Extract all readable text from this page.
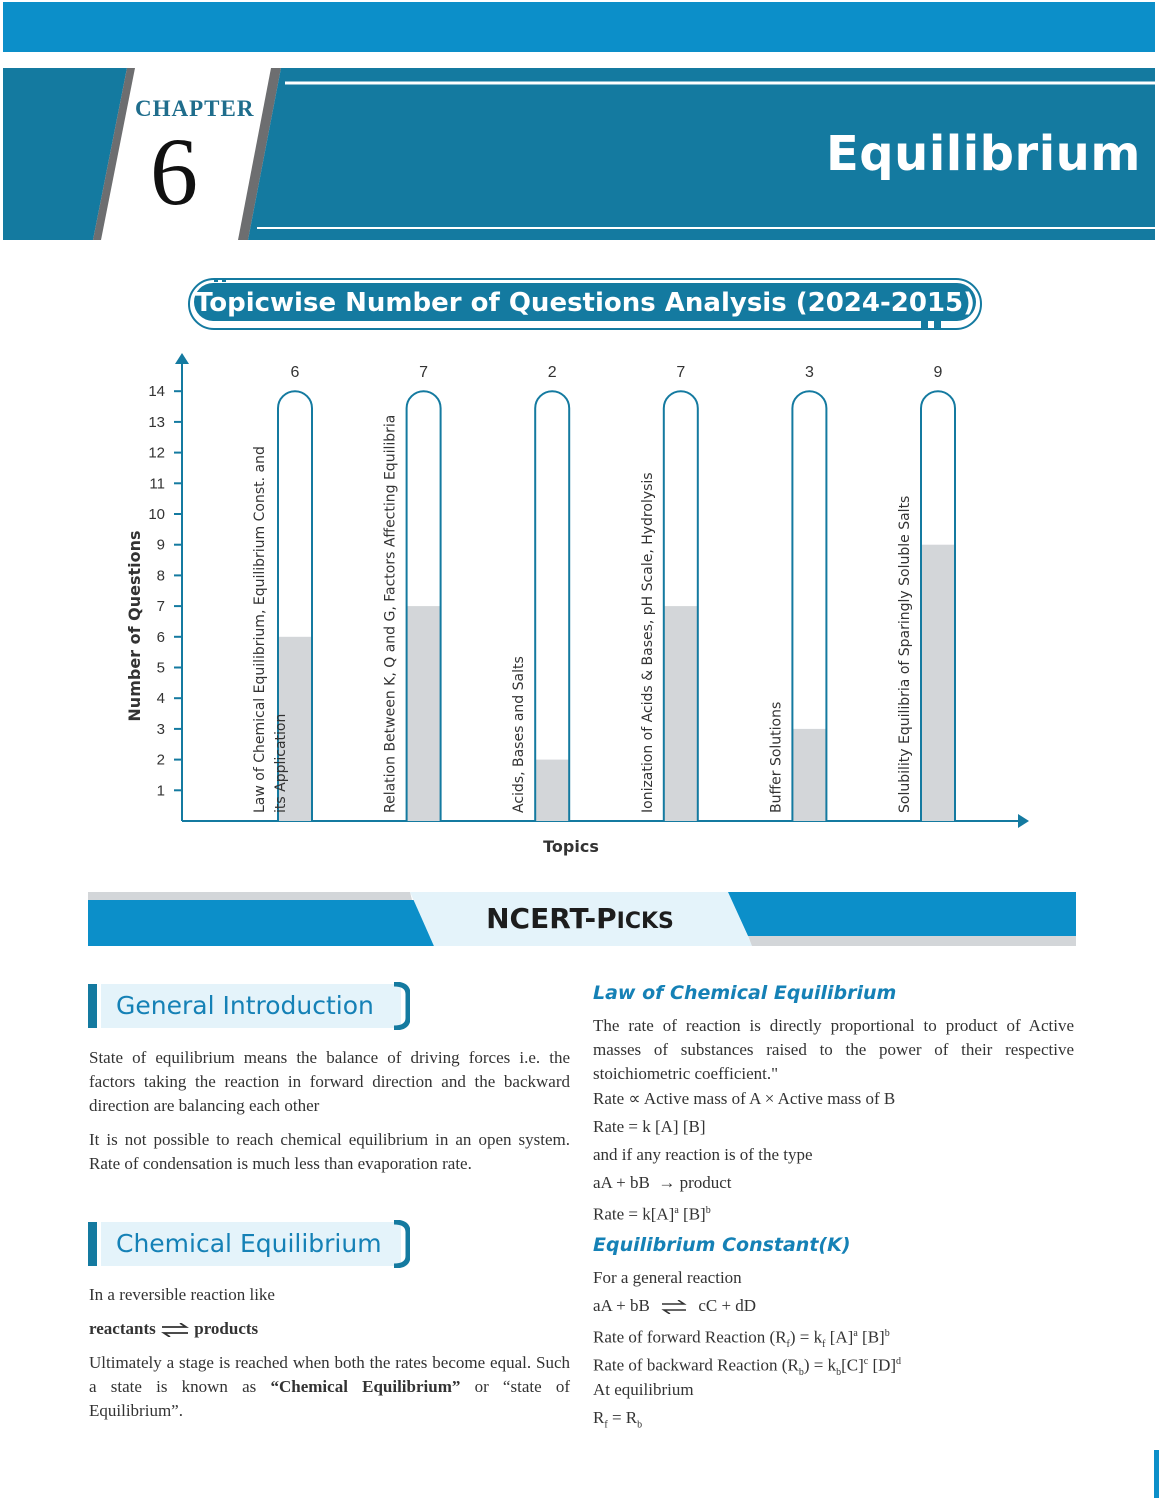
CHAPTER
6	Equilibrium
Topicwise Number of Questions Analysis (2024-2015)
1
2
3
4
5
6
7
8
9
10
11
12
13
14
Number of Questions
Topics
6
Law of Chemical Equilibrium, Equilibrium Const. and its Application
7
Relation Between K, Q and G, Factors Affecting Equilibria
2
Acids, Bases and Salts
7
Ionization of Acids & Bases, pH Scale, Hydrolysis
3
Buffer Solutions
9
Solubility Equilibria of Sparingly Soluble Salts
NCERT-PICKS
General Introduction

State of equilibrium means the balance of driving forces i.e. the factors taking the reaction in forward direction and the backward direction are balancing each other

It is not possible to reach chemical equilibrium in an open system. Rate of condensation is much less than evaporation rate.

Chemical Equilibrium

In a reversible reaction like

reactants ⇌ products

Ultimately a stage is reached when both the rates become equal. Such a state is known as “Chemical Equilibrium” or “state of Equilibrium”.

Law of Chemical Equilibrium

The rate of reaction is directly proportional to product of Active masses of substances raised to the power of their respective stoichiometric coefficient."

Rate ∝ Active mass of A × Active mass of B
Rate = k [A] [B]
and if any reaction is of the type
aA + bB → product
Rate = $k[A]^a$ $[B]^b$
Equilibrium Constant(K)
For a general reaction
aA + bB ⇌ cC + dD
Rate of forward Reaction $(R_f) = k_f$ $[A]^a$ $[B]^b$
Rate of backward Reaction $(R_b) = k_b[C]^c$ $[D]^d$
At equilibrium
$R_f = R_b$
